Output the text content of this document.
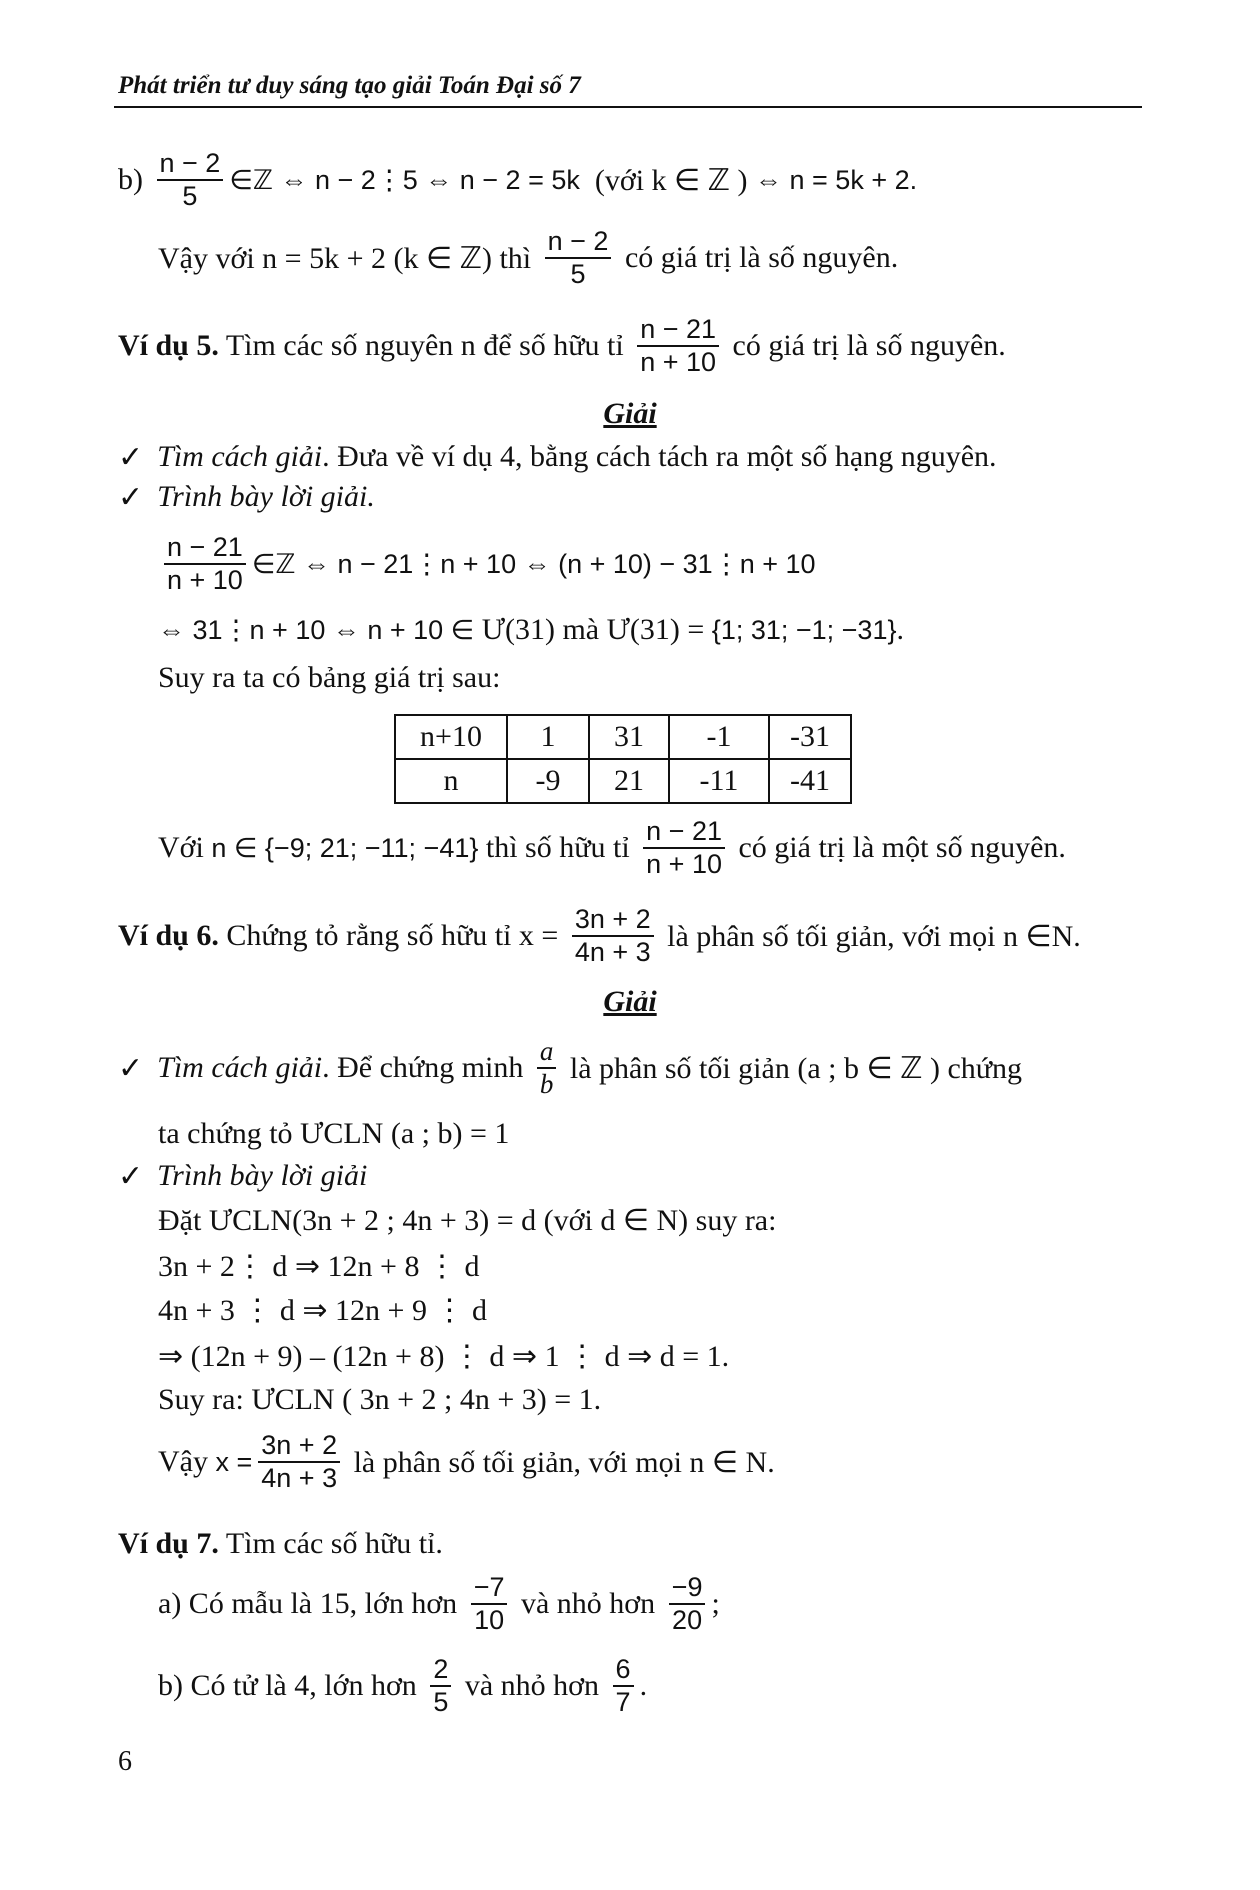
Phát triển tư duy sáng tạo giải Toán Đại số 7
$b) \frac{n - 2}{5}$ ∈ℤ ⇔ n − 2⋮5 ⇔ n − 2 = 5k (với k ∈ ℤ ) ⇔ n = 5k + 2.
Vậy với n = 5k + 2 (k ∈ ℤ) thì $\frac{n - 2}{5}$ có giá trị là số nguyên.
Ví dụ 5. Tìm các số nguyên n để số hữu tỉ $\frac{n - 21}{n + 10}$ có giá trị là số nguyên.
Giải
✓ Tìm cách giải . Đưa về ví dụ 4, bằng cách tách ra một số hạng nguyên.
✓ Trình bày lời giải.
$\frac{n - 21}{n + 10}$ ∈ℤ ⇔ n − 21⋮n + 10 ⇔ (n + 10) − 31⋮n + 10
⇔ 31⋮n + 10 ⇔ n + 10 ∈ Ư(31) mà Ư(31) = {1; 31; −1; −31} .
Suy ra ta có bảng giá trị sau:
Với n ∈ {−9; 21; −11; −41} thì số hữu tỉ $\frac{n - 21}{n + 10}$ có giá trị là một số nguyên.
Ví dụ 6. Chứng tỏ rằng số hữu tỉ $x = \frac{3n + 2}{4n + 3}$ là phân số tối giản, với mọi n ∈N.
Giải
✓ Tìm cách giải . Để chứng minh $\frac{a}{b}$ là phân số tối giản (a ; b ∈ ℤ ) chứng
ta chứng tỏ ƯCLN (a ; b) = 1
✓ Trình bày lời giải
Đặt ƯCLN(3n + 2 ; 4n + 3) = d (với d ∈ N) suy ra:
3n + 2⋮ d ⇒ 12n + 8 ⋮ d
4n + 3 ⋮ d ⇒ 12n + 9 ⋮ d
⇒ (12n + 9) – (12n + 8) ⋮ d ⇒ 1 ⋮ d ⇒ d = 1.
Suy ra: ƯCLN ( 3n + 2 ; 4n + 3) = 1.
Vậy $x = \frac{3n + 2}{4n + 3}$ là phân số tối giản, với mọi n ∈ N.
Ví dụ 7. Tìm các số hữu tỉ.
a) Có mẫu là 15, lớn hơn $\frac{-7}{10}$ và nhỏ hơn $\frac{-9}{20}$ ;
b) Có tử là 4, lớn hơn $\frac{2}{5}$ và nhỏ hơn $\frac{6}{7}$ .
n+10	1	31	-1	-31
n	-9	21	-11	-41
6
